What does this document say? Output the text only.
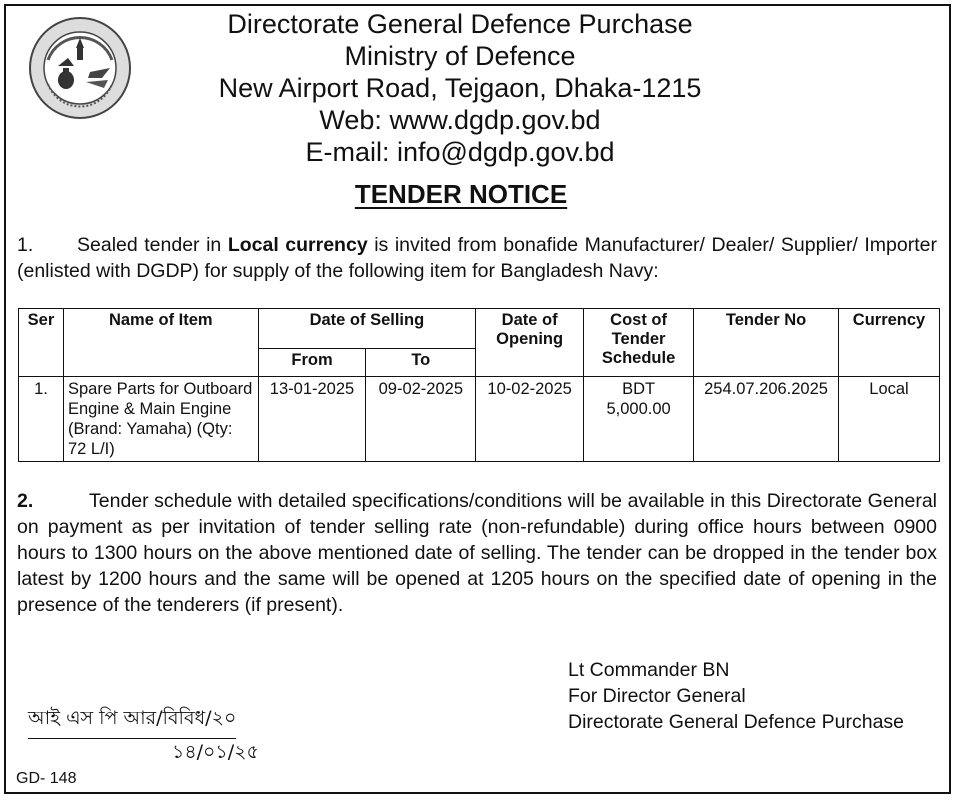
Directorate General Defence Purchase
Ministry of Defence
New Airport Road, Tejgaon, Dhaka-1215
Web: www.dgdp.gov.bd
E-mail: info@dgdp.gov.bd
TENDER NOTICE
1. Sealed tender in Local currency is invited from bonafide Manufacturer/ Dealer/ Supplier/ Importer (enlisted with DGDP) for supply of the following item for Bangladesh Navy:
Ser	Name of Item	Date of Selling		Date of Opening	Cost of Tender Schedule	Tender No	Currency
		From	To				
1.	Spare Parts for Outboard Engine & Main Engine (Brand: Yamaha) (Qty: 72 L/I)	13-01-2025	09-02-2025	10-02-2025	BDT 5,000.00	254.07.206.2025	Local
2.	Tender schedule with detailed specifications/conditions will be available in this Directorate General on payment as per invitation of tender selling rate (non-refundable) during office hours between 0900 hours to 1300 hours on the above mentioned date of selling. The tender can be dropped in the tender box latest by 1200 hours and the same will be opened at 1205 hours on the specified date of opening in the presence of the tenderers (if present).
Lt Commander BN
For Director General
Directorate General Defence Purchase
আই এস পি আর/বিবিধ/২০
১৪/০১/২৫
GD- 148
